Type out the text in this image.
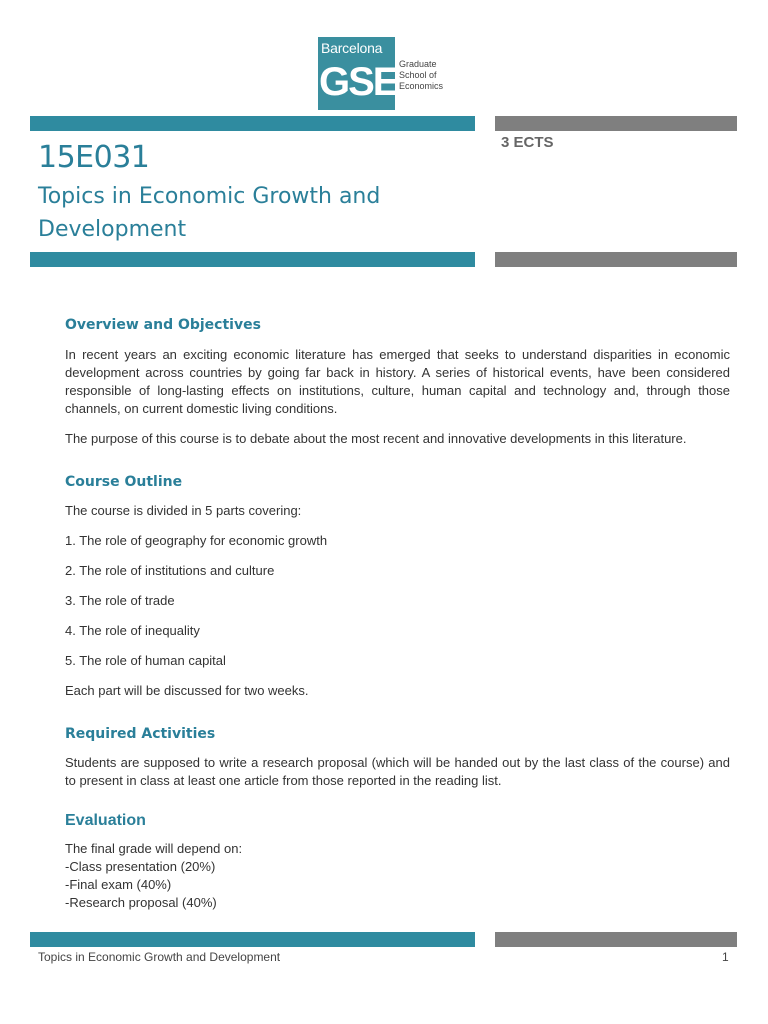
Barcelona
GSE Graduate
School of
Economics
3 ECTS
15E031
Topics in Economic Growth and Development
Overview and Objectives
In recent years an exciting economic literature has emerged that seeks to understand disparities in economic development across countries by going far back in history. A series of historical events, have been considered responsible of long-lasting effects on institutions, culture, human capital and technology and, through those channels, on current domestic living conditions.
The purpose of this course is to debate about the most recent and innovative developments in this literature.
Course Outline
The course is divided in 5 parts covering:
1. The role of geography for economic growth
2. The role of institutions and culture
3. The role of trade
4. The role of inequality
5. The role of human capital
Each part will be discussed for two weeks.
Required Activities
Students are supposed to write a research proposal (which will be handed out by the last class of the course) and to present in class at least one article from those reported in the reading list.
Evaluation
The final grade will depend on:
-Class presentation (20%)
-Final exam (40%)
-Research proposal (40%)
Topics in Economic Growth and Development	1
